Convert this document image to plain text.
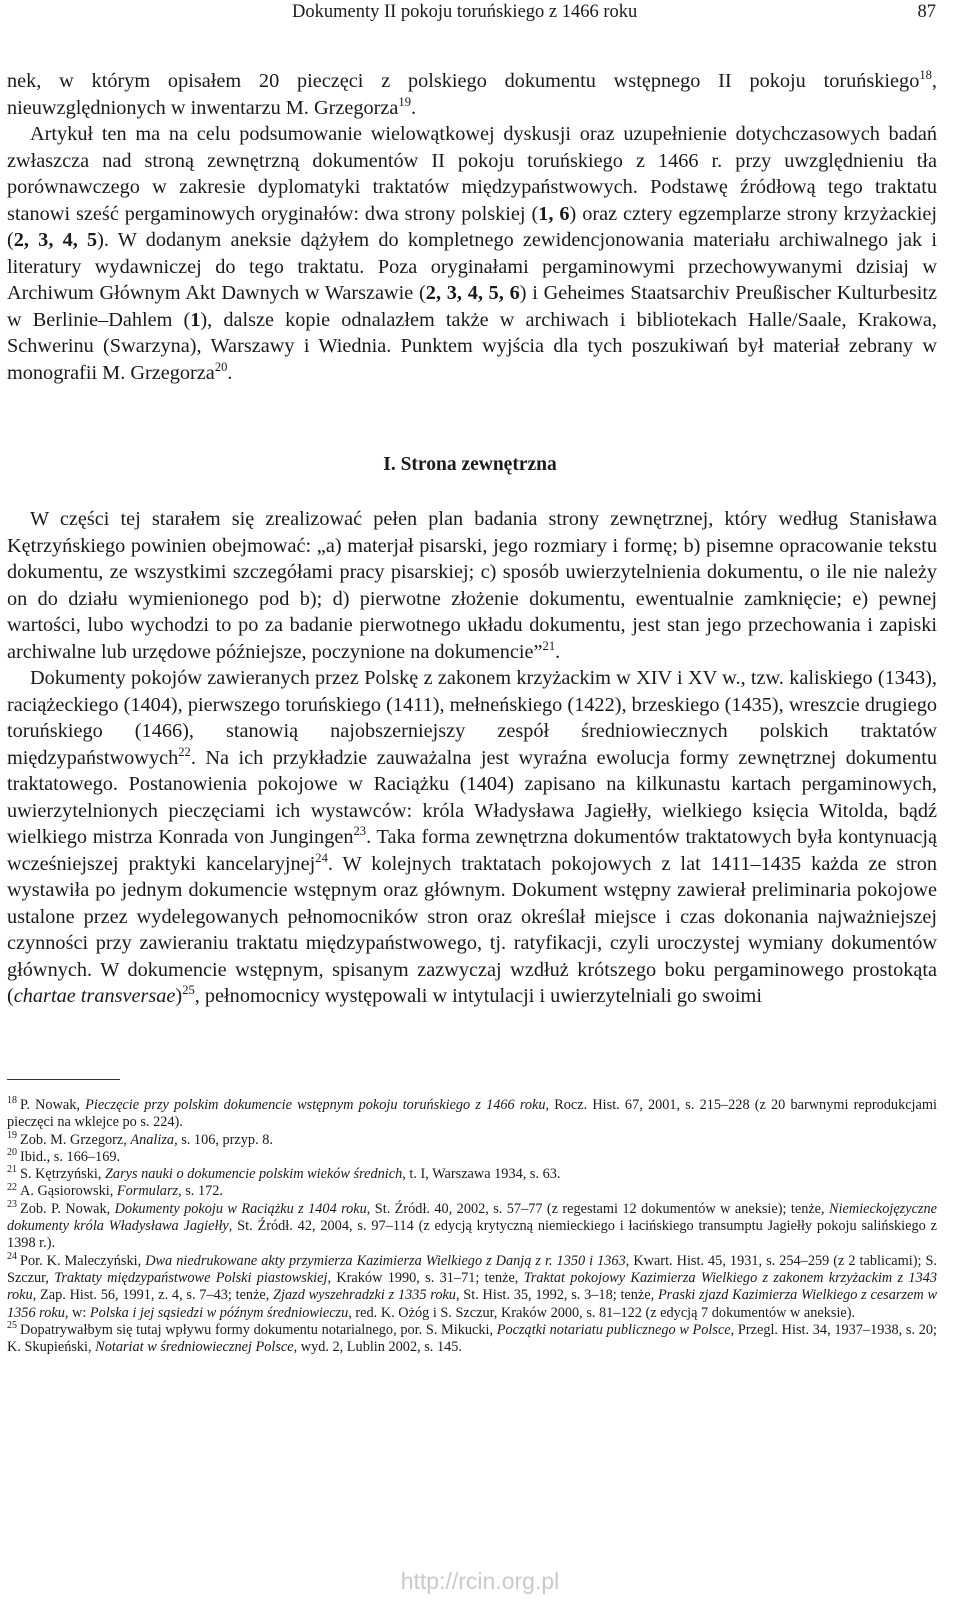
Dokumenty II pokoju toruńskiego z 1466 roku	87

nek, w którym opisałem 20 pieczęci z polskiego dokumentu wstępnego II pokoju toruńskiego$^{18}$, nieuwzględnionych w inwentarzu M. Grzegorza$^{19}$.

Artykuł ten ma na celu podsumowanie wielowątkowej dyskusji oraz uzupełnienie dotychczasowych badań zwłaszcza nad stroną zewnętrzną dokumentów II pokoju toruńskiego z 1466 r. przy uwzględnieniu tła porównawczego w zakresie dyplomatyki traktatów międzypaństwowych. Podstawę źródłową tego traktatu stanowi sześć pergaminowych oryginałów: dwa strony polskiej (1, 6) oraz cztery egzemplarze strony krzyżackiej (2, 3, 4, 5). W dodanym aneksie dążyłem do kompletnego zewidencjonowania materiału archiwalnego jak i literatury wydawniczej do tego traktatu. Poza oryginałami pergaminowymi przechowywanymi dzisiaj w Archiwum Głównym Akt Dawnych w Warszawie (2, 3, 4, 5, 6) i Geheimes Staatsarchiv Preußischer Kulturbesitz w Berlinie–Dahlem (1), dalsze kopie odnalazłem także w archiwach i bibliotekach Halle/Saale, Krakowa, Schwerinu (Swarzyna), Warszawy i Wiednia. Punktem wyjścia dla tych poszukiwań był materiał zebrany w monografii M. Grzegorza$^{20}$.

I. Strona zewnętrzna

W części tej starałem się zrealizować pełen plan badania strony zewnętrznej, który według Stanisława Kętrzyńskiego powinien obejmować: „a) materjał pisarski, jego rozmiary i formę; b) pisemne opracowanie tekstu dokumentu, ze wszystkimi szczegółami pracy pisarskiej; c) sposób uwierzytelnienia dokumentu, o ile nie należy on do działu wymienionego pod b); d) pierwotne złożenie dokumentu, ewentualnie zamknięcie; e) pewnej wartości, lubo wychodzi to po za badanie pierwotnego układu dokumentu, jest stan jego przechowania i zapiski archiwalne lub urzędowe późniejsze, poczynione na dokumencie”$^{21}$.

Dokumenty pokojów zawieranych przez Polskę z zakonem krzyżackim w XIV i XV w., tzw. kaliskiego (1343), raciążeckiego (1404), pierwszego toruńskiego (1411), mełneńskiego (1422), brzeskiego (1435), wreszcie drugiego toruńskiego (1466), stanowią najobszerniejszy zespół średniowiecznych polskich traktatów międzypaństwowych$^{22}$. Na ich przykładzie zauważalna jest wyraźna ewolucja formy zewnętrznej dokumentu traktatowego. Postanowienia pokojowe w Raciążku (1404) zapisano na kilkunastu kartach pergaminowych, uwierzytelnionych pieczęciami ich wystawców: króla Władysława Jagiełły, wielkiego księcia Witolda, bądź wielkiego mistrza Konrada von Jungingen$^{23}$. Taka forma zewnętrzna dokumentów traktatowych była kontynuacją wcześniejszej praktyki kancelaryjnej$^{24}$. W kolejnych traktatach pokojowych z lat 1411–1435 każda ze stron wystawiła po jednym dokumencie wstępnym oraz głównym. Dokument wstępny zawierał preliminaria pokojowe ustalone przez wydelegowanych pełnomocników stron oraz określał miejsce i czas dokonania najważniejszej czynności przy zawieraniu traktatu międzypaństwowego, tj. ratyfikacji, czyli uroczystej wymiany dokumentów głównych. W dokumencie wstępnym, spisanym zazwyczaj wzdłuż krótszego boku pergaminowego prostokąta (chartae transversae)$^{25}$, pełnomocnicy występowali w intytulacji i uwierzytelniali go swoimi

$^{18}$ P. Nowak, Pieczęcie przy polskim dokumencie wstępnym pokoju toruńskiego z 1466 roku, Rocz. Hist. 67, 2001, s. 215–228 (z 20 barwnymi reprodukcjami pieczęci na wklejce po s. 224).

$^{19}$ Zob. M. Grzegorz, Analiza, s. 106, przyp. 8.

$^{20}$ Ibid., s. 166–169.

$^{21}$ S. Kętrzyński, Zarys nauki o dokumencie polskim wieków średnich, t. I, Warszawa 1934, s. 63.

$^{22}$ A. Gąsiorowski, Formularz, s. 172.

$^{23}$ Zob. P. Nowak, Dokumenty pokoju w Raciążku z 1404 roku, St. Źródł. 40, 2002, s. 57–77 (z regestami 12 dokumentów w aneksie); tenże, Niemieckojęzyczne dokumenty króla Władysława Jagiełły, St. Źródł. 42, 2004, s. 97–114 (z edycją krytyczną niemieckiego i łacińskiego transumptu Jagiełły pokoju salińskiego z 1398 r.).

$^{24}$ Por. K. Maleczyński, Dwa niedrukowane akty przymierza Kazimierza Wielkiego z Danją z r. 1350 i 1363, Kwart. Hist. 45, 1931, s. 254–259 (z 2 tablicami); S. Szczur, Traktaty międzypaństwowe Polski piastowskiej, Kraków 1990, s. 31–71; tenże, Traktat pokojowy Kazimierza Wielkiego z zakonem krzyżackim z 1343 roku, Zap. Hist. 56, 1991, z. 4, s. 7–43; tenże, Zjazd wyszehradzki z 1335 roku, St. Hist. 35, 1992, s. 3–18; tenże, Praski zjazd Kazimierza Wielkiego z cesarzem w 1356 roku, w: Polska i jej sąsiedzi w późnym średniowieczu, red. K. Ożóg i S. Szczur, Kraków 2000, s. 81–122 (z edycją 7 dokumentów w aneksie).

$^{25}$ Dopatrywałbym się tutaj wpływu formy dokumentu notarialnego, por. S. Mikucki, Początki notariatu publicznego w Polsce, Przegl. Hist. 34, 1937–1938, s. 20; K. Skupieński, Notariat w średniowiecznej Polsce, wyd. 2, Lublin 2002, s. 145.

http://rcin.org.pl
